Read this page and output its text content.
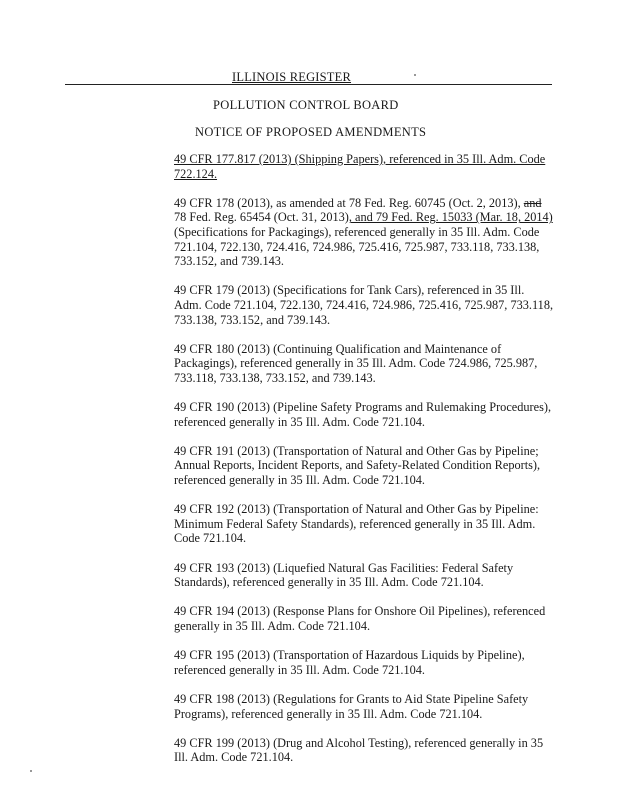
ILLINOIS REGISTER
POLLUTION CONTROL BOARD
NOTICE OF PROPOSED AMENDMENTS

49 CFR 177.817 (2013) (Shipping Papers), referenced in 35 Ill. Adm. Code 722.124.

49 CFR 178 (2013), as amended at 78 Fed. Reg. 60745 (Oct. 2, 2013), and 78 Fed. Reg. 65454 (Oct. 31, 2013), and 79 Fed. Reg. 15033 (Mar. 18, 2014) (Specifications for Packagings), referenced generally in 35 Ill. Adm. Code 721.104, 722.130, 724.416, 724.986, 725.416, 725.987, 733.118, 733.138, 733.152, and 739.143.

49 CFR 179 (2013) (Specifications for Tank Cars), referenced in 35 Ill. Adm. Code 721.104, 722.130, 724.416, 724.986, 725.416, 725.987, 733.118, 733.138, 733.152, and 739.143.

49 CFR 180 (2013) (Continuing Qualification and Maintenance of Packagings), referenced generally in 35 Ill. Adm. Code 724.986, 725.987, 733.118, 733.138, 733.152, and 739.143.

49 CFR 190 (2013) (Pipeline Safety Programs and Rulemaking Procedures), referenced generally in 35 Ill. Adm. Code 721.104.

49 CFR 191 (2013) (Transportation of Natural and Other Gas by Pipeline; Annual Reports, Incident Reports, and Safety-Related Condition Reports), referenced generally in 35 Ill. Adm. Code 721.104.

49 CFR 192 (2013) (Transportation of Natural and Other Gas by Pipeline: Minimum Federal Safety Standards), referenced generally in 35 Ill. Adm. Code 721.104.

49 CFR 193 (2013) (Liquefied Natural Gas Facilities: Federal Safety Standards), referenced generally in 35 Ill. Adm. Code 721.104.

49 CFR 194 (2013) (Response Plans for Onshore Oil Pipelines), referenced generally in 35 Ill. Adm. Code 721.104.

49 CFR 195 (2013) (Transportation of Hazardous Liquids by Pipeline), referenced generally in 35 Ill. Adm. Code 721.104.

49 CFR 198 (2013) (Regulations for Grants to Aid State Pipeline Safety Programs), referenced generally in 35 Ill. Adm. Code 721.104.

49 CFR 199 (2013) (Drug and Alcohol Testing), referenced generally in 35 Ill. Adm. Code 721.104.
